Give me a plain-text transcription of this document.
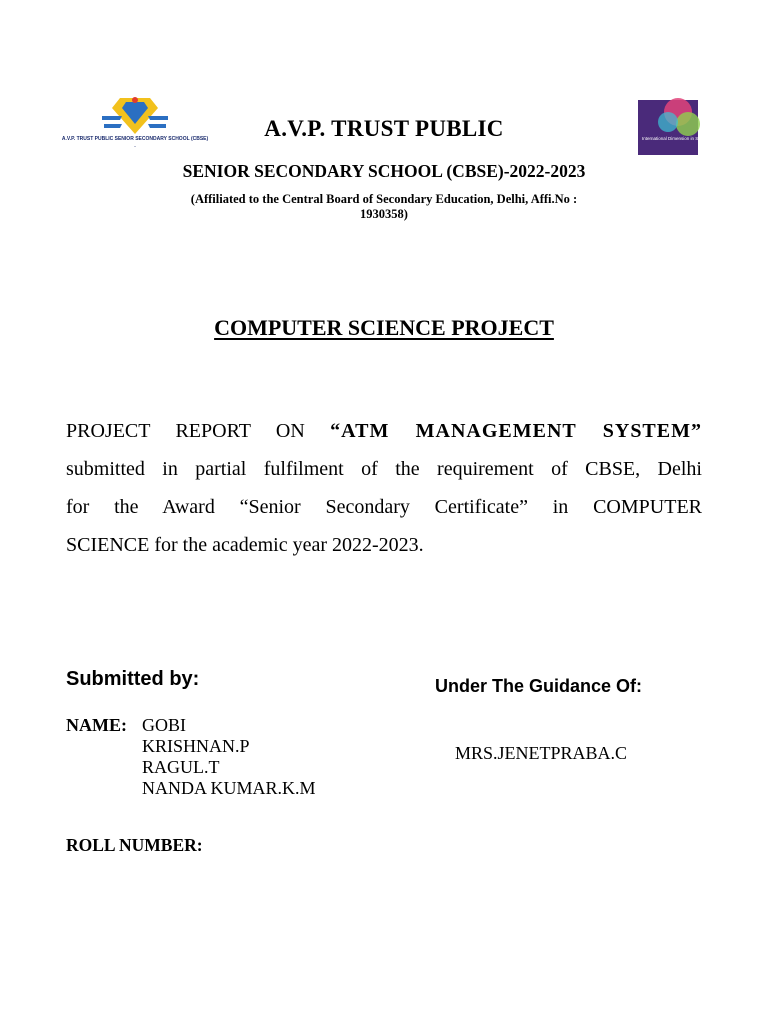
A.V.P. TRUST PUBLIC SENIOR SECONDARY SCHOOL (CBSE)
~
International Dimension in Schools 2019-22
A.V.P. TRUST PUBLIC
SENIOR SECONDARY SCHOOL (CBSE)-2022-2023
(Affiliated to the Central Board of Secondary Education, Delhi, Affi.No :
1930358)
COMPUTER SCIENCE PROJECT
PROJECT REPORT ON “ATM MANAGEMENT SYSTEM”
submitted in partial fulfilment of the requirement of CBSE, Delhi
for the Award “Senior Secondary Certificate” in COMPUTER
SCIENCE for the academic year 2022-2023.
Submitted by:	Under The Guidance Of:
NAME: GOBI
KRISHNAN.P
RAGUL.T
NANDA KUMAR.K.M
MRS.JENETPRABA.C
ROLL NUMBER:
